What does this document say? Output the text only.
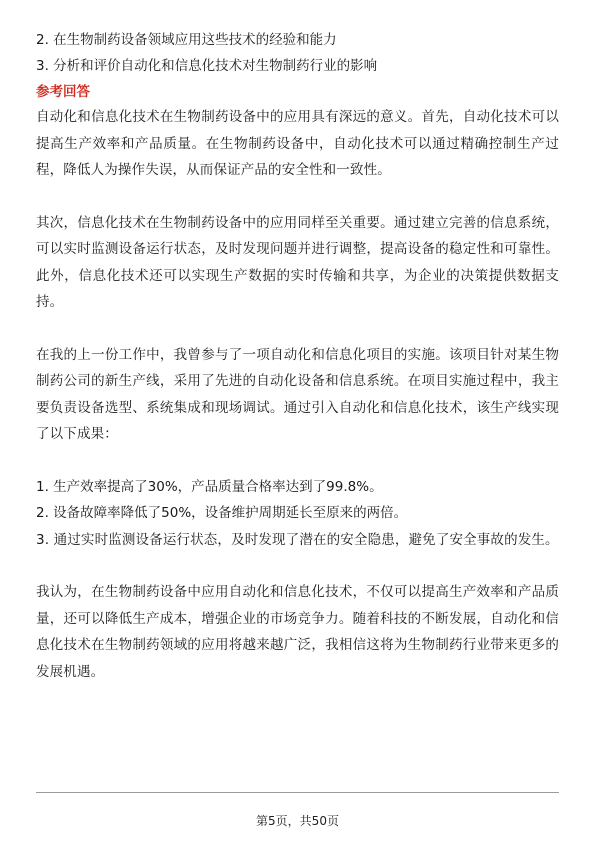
2. 在生物制药设备领域应用这些技术的经验和能力
3. 分析和评价自动化和信息化技术对生物制药行业的影响
参考回答

自动化和信息化技术在生物制药设备中的应用具有深远的意义。首先，自动化技术可以提高生产效率和产品质量。在生物制药设备中，自动化技术可以通过精确控制生产过程，降低人为操作失误，从而保证产品的安全性和一致性。

其次，信息化技术在生物制药设备中的应用同样至关重要。通过建立完善的信息系统，可以实时监测设备运行状态，及时发现问题并进行调整，提高设备的稳定性和可靠性。此外，信息化技术还可以实现生产数据的实时传输和共享，为企业的决策提供数据支持。

在我的上一份工作中，我曾参与了一项自动化和信息化项目的实施。该项目针对某生物制药公司的新生产线，采用了先进的自动化设备和信息系统。在项目实施过程中，我主要负责设备选型、系统集成和现场调试。通过引入自动化和信息化技术，该生产线实现了以下成果：

1. 生产效率提高了30%，产品质量合格率达到了99.8%。
2. 设备故障率降低了50%，设备维护周期延长至原来的两倍。
3. 通过实时监测设备运行状态，及时发现了潜在的安全隐患，避免了安全事故的发生。

我认为，在生物制药设备中应用自动化和信息化技术，不仅可以提高生产效率和产品质量，还可以降低生产成本，增强企业的市场竞争力。随着科技的不断发展，自动化和信息化技术在生物制药领域的应用将越来越广泛，我相信这将为生物制药行业带来更多的发展机遇。

第5页，共50页
